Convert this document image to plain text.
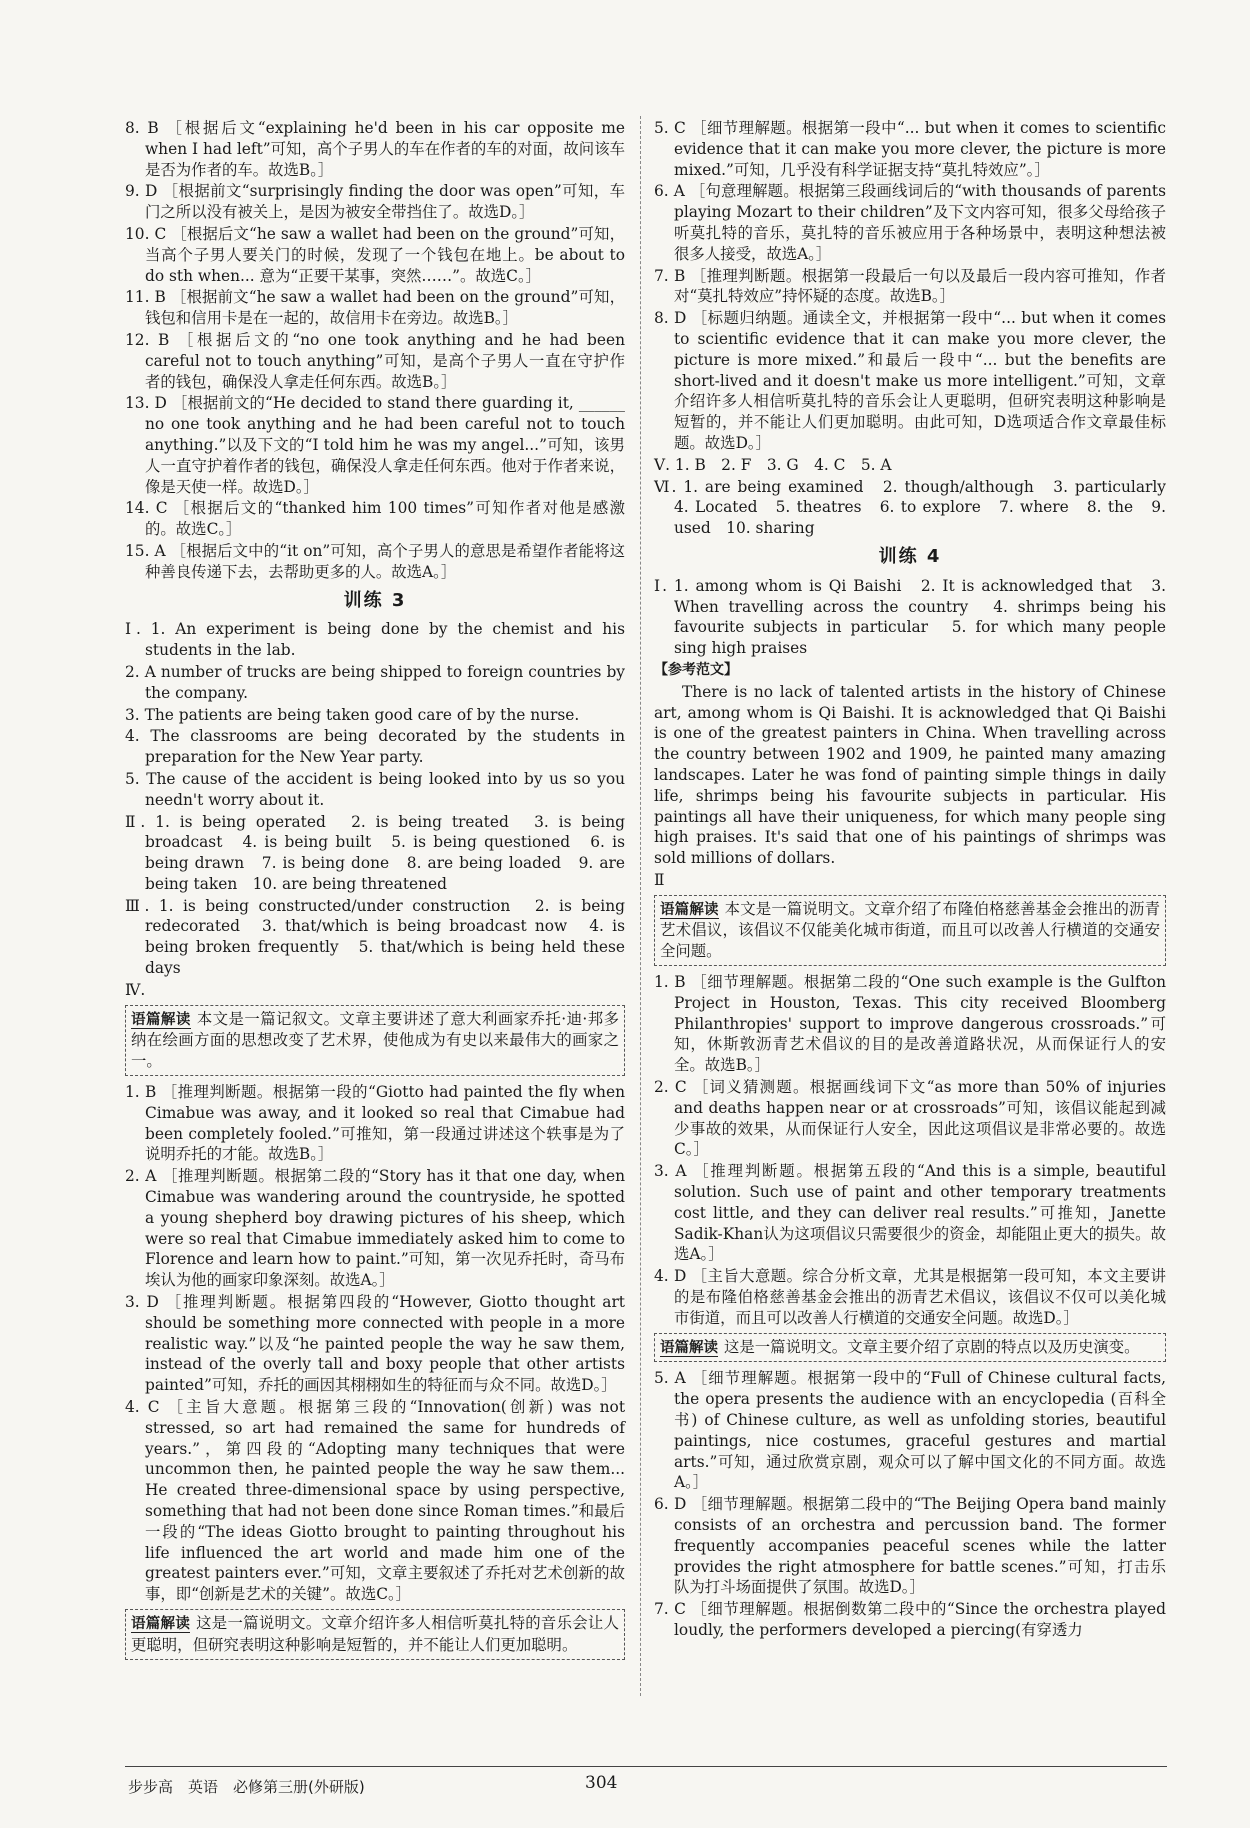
8. B ［根据后文“explaining he'd been in his car opposite me when I had left”可知，高个子男人的车在作者的车的对面，故问该车是否为作者的车。故选B。］

9. D ［根据前文“surprisingly finding the door was open”可知，车门之所以没有被关上，是因为被安全带挡住了。故选D。］

10. C ［根据后文“he saw a wallet had been on the ground”可知，当高个子男人要关门的时候，发现了一个钱包在地上。be about to do sth when... 意为“正要干某事，突然……”。故选C。］

11. B ［根据前文“he saw a wallet had been on the ground”可知，钱包和信用卡是在一起的，故信用卡在旁边。故选B。］

12. B ［根据后文的“no one took anything and he had been careful not to touch anything”可知，是高个子男人一直在守护作者的钱包，确保没人拿走任何东西。故选B。］

13. D ［根据前文的“He decided to stand there guarding it, ______ no one took anything and he had been careful not to touch anything.”以及下文的“I told him he was my angel...”可知，该男人一直守护着作者的钱包，确保没人拿走任何东西。他对于作者来说，像是天使一样。故选D。］

14. C ［根据后文的“thanked him 100 times”可知作者对他是感激的。故选C。］

15. A ［根据后文中的“it on”可知，高个子男人的意思是希望作者能将这种善良传递下去，去帮助更多的人。故选A。］

训练 3

Ⅰ. 1. An experiment is being done by the chemist and his students in the lab.

2. A number of trucks are being shipped to foreign countries by the company.

3. The patients are being taken good care of by the nurse.

4. The classrooms are being decorated by the students in preparation for the New Year party.

5. The cause of the accident is being looked into by us so you needn't worry about it.

Ⅱ. 1. is being operated　2. is being treated　3. is being broadcast　4. is being built　5. is being questioned　6. is being drawn　7. is being done　8. are being loaded　9. are being taken　10. are being threatened

Ⅲ. 1. is being constructed/under construction　2. is being redecorated　3. that/which is being broadcast now　4. is being broken frequently　5. that/which is being held these days

Ⅳ.

语篇解读 本文是一篇记叙文。文章主要讲述了意大利画家乔托·迪·邦多纳在绘画方面的思想改变了艺术界，使他成为有史以来最伟大的画家之一。

1. B ［推理判断题。根据第一段的“Giotto had painted the fly when Cimabue was away, and it looked so real that Cimabue had been completely fooled.”可推知，第一段通过讲述这个轶事是为了说明乔托的才能。故选B。］

2. A ［推理判断题。根据第二段的“Story has it that one day, when Cimabue was wandering around the countryside, he spotted a young shepherd boy drawing pictures of his sheep, which were so real that Cimabue immediately asked him to come to Florence and learn how to paint.”可知，第一次见乔托时，奇马布埃认为他的画家印象深刻。故选A。］

3. D ［推理判断题。根据第四段的“However, Giotto thought art should be something more connected with people in a more realistic way.”以及“he painted people the way he saw them, instead of the overly tall and boxy people that other artists painted”可知，乔托的画因其栩栩如生的特征而与众不同。故选D。］

4. C ［主旨大意题。根据第三段的“Innovation(创新) was not stressed, so art had remained the same for hundreds of years.”，第四段的“Adopting many techniques that were uncommon then, he painted people the way he saw them... He created three-dimensional space by using perspective, something that had not been done since Roman times.”和最后一段的“The ideas Giotto brought to painting throughout his life influenced the art world and made him one of the greatest painters ever.”可知，文章主要叙述了乔托对艺术创新的故事，即“创新是艺术的关键”。故选C。］

语篇解读 这是一篇说明文。文章介绍许多人相信听莫扎特的音乐会让人更聪明，但研究表明这种影响是短暂的，并不能让人们更加聪明。

5. C ［细节理解题。根据第一段中“... but when it comes to scientific evidence that it can make you more clever, the picture is more mixed.”可知，几乎没有科学证据支持“莫扎特效应”。］

6. A ［句意理解题。根据第三段画线词后的“with thousands of parents playing Mozart to their children”及下文内容可知，很多父母给孩子听莫扎特的音乐，莫扎特的音乐被应用于各种场景中，表明这种想法被很多人接受，故选A。］

7. B ［推理判断题。根据第一段最后一句以及最后一段内容可推知，作者对“莫扎特效应”持怀疑的态度。故选B。］

8. D ［标题归纳题。通读全文，并根据第一段中“... but when it comes to scientific evidence that it can make you more clever, the picture is more mixed.”和最后一段中“... but the benefits are short-lived and it doesn't make us more intelligent.”可知，文章介绍许多人相信听莫扎特的音乐会让人更聪明，但研究表明这种影响是短暂的，并不能让人们更加聪明。由此可知，D选项适合作文章最佳标题。故选D。］

Ⅴ. 1. B　2. F　3. G　4. C　5. A

Ⅵ. 1. are being examined　2. though/although　3. particularly　4. Located　5. theatres　6. to explore　7. where　8. the　9. used　10. sharing

训练 4

Ⅰ. 1. among whom is Qi Baishi　2. It is acknowledged that　3. When travelling across the country　4. shrimps being his favourite subjects in particular　5. for which many people sing high praises

【参考范文】

There is no lack of talented artists in the history of Chinese art, among whom is Qi Baishi. It is acknowledged that Qi Baishi is one of the greatest painters in China. When travelling across the country between 1902 and 1909, he painted many amazing landscapes. Later he was fond of painting simple things in daily life, shrimps being his favourite subjects in particular. His paintings all have their uniqueness, for which many people sing high praises. It's said that one of his paintings of shrimps was sold millions of dollars.

Ⅱ

语篇解读 本文是一篇说明文。文章介绍了布隆伯格慈善基金会推出的沥青艺术倡议，该倡议不仅能美化城市街道，而且可以改善人行横道的交通安全问题。

1. B ［细节理解题。根据第二段的“One such example is the Gulfton Project in Houston, Texas. This city received Bloomberg Philanthropies' support to improve dangerous crossroads.”可知，休斯敦沥青艺术倡议的目的是改善道路状况，从而保证行人的安全。故选B。］

2. C ［词义猜测题。根据画线词下文“as more than 50% of injuries and deaths happen near or at crossroads”可知，该倡议能起到减少事故的效果，从而保证行人安全，因此这项倡议是非常必要的。故选C。］

3. A ［推理判断题。根据第五段的“And this is a simple, beautiful solution. Such use of paint and other temporary treatments cost little, and they can deliver real results.”可推知，Janette Sadik-Khan认为这项倡议只需要很少的资金，却能阻止更大的损失。故选A。］

4. D ［主旨大意题。综合分析文章，尤其是根据第一段可知，本文主要讲的是布隆伯格慈善基金会推出的沥青艺术倡议，该倡议不仅可以美化城市街道，而且可以改善人行横道的交通安全问题。故选D。］

语篇解读 这是一篇说明文。文章主要介绍了京剧的特点以及历史演变。

5. A ［细节理解题。根据第一段中的“Full of Chinese cultural facts, the opera presents the audience with an encyclopedia (百科全书) of Chinese culture, as well as unfolding stories, beautiful paintings, nice costumes, graceful gestures and martial arts.”可知，通过欣赏京剧，观众可以了解中国文化的不同方面。故选A。］

6. D ［细节理解题。根据第二段中的“The Beijing Opera band mainly consists of an orchestra and percussion band. The former frequently accompanies peaceful scenes while the latter provides the right atmosphere for battle scenes.”可知，打击乐队为打斗场面提供了氛围。故选D。］

7. C ［细节理解题。根据倒数第二段中的“Since the orchestra played loudly, the performers developed a piercing(有穿透力

步步高　英语　必修第三册(外研版)	304
